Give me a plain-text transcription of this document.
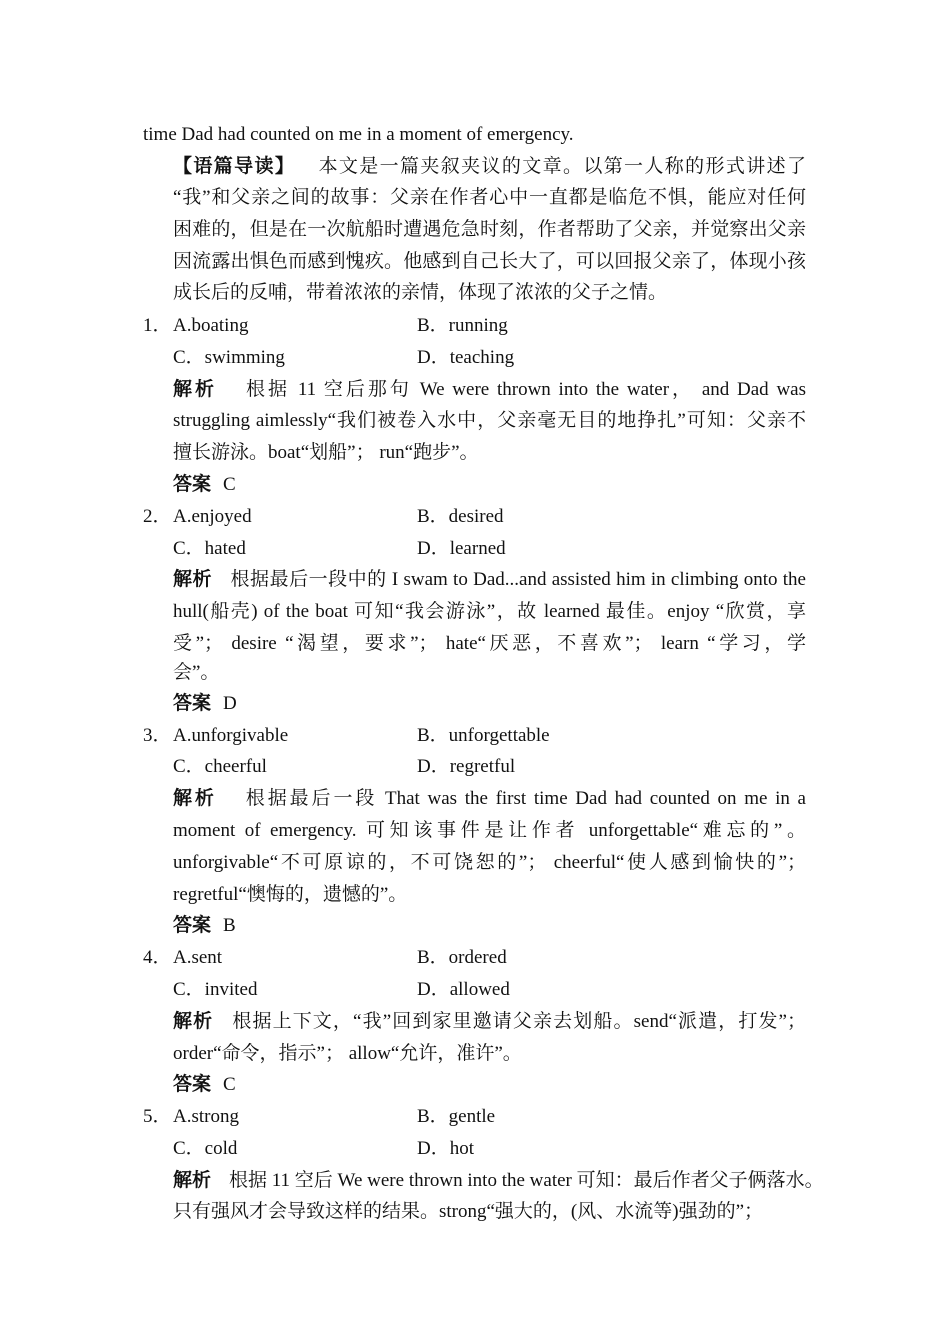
time Dad had counted on me in a moment of emergency.
【语篇导读】 本文是一篇夹叙夹议的文章。以第一人称的形式讲述了
“我”和父亲之间的故事：父亲在作者心中一直都是临危不惧，能应对任何
困难的，但是在一次航船时遭遇危急时刻，作者帮助了父亲，并觉察出父亲
因流露出惧色而感到愧疚。他感到自己长大了，可以回报父亲了，体现小孩
成长后的反哺，带着浓浓的亲情，体现了浓浓的父子之情。
1． A.boating	B．running
C．swimming	D．teaching
解析 根据 11 空后那句 We were thrown into the water， and Dad was
struggling aimlessly“我们被卷入水中，父亲毫无目的地挣扎”可知：父亲不
擅长游泳。boat“划船”； run“跑步”。
答案 C
2． A.enjoyed	B．desired
C．hated	D．learned
解析 根据最后一段中的 I swam to Dad...and assisted him in climbing onto the
hull(船壳) of the boat 可知“我会游泳”，故 learned 最佳。enjoy “欣赏，享
受”； desire “渴望，要求”； hate“厌恶，不喜欢”； learn “学习，学
会”。
答案 D
3． A.unforgivable	B．unforgettable
C．cheerful	D．regretful
解析 根据最后一段 That was the first time Dad had counted on me in a
moment of emergency. 可知该事件是让作者 unforgettable“难忘的”。
unforgivable“不可原谅的，不可饶恕的”； cheerful“使人感到愉快的”；
regretful“懊悔的，遗憾的”。
答案 B
4． A.sent	B．ordered
C．invited	D．allowed
解析 根据上下文，“我”回到家里邀请父亲去划船。send“派遣，打发”；
order“命令，指示”； allow“允许，准许”。
答案 C
5． A.strong	B．gentle
C．cold	D．hot
解析 根据 11 空后 We were thrown into the water 可知：最后作者父子俩落水。
只有强风才会导致这样的结果。strong“强大的，(风、水流等)强劲的”；
